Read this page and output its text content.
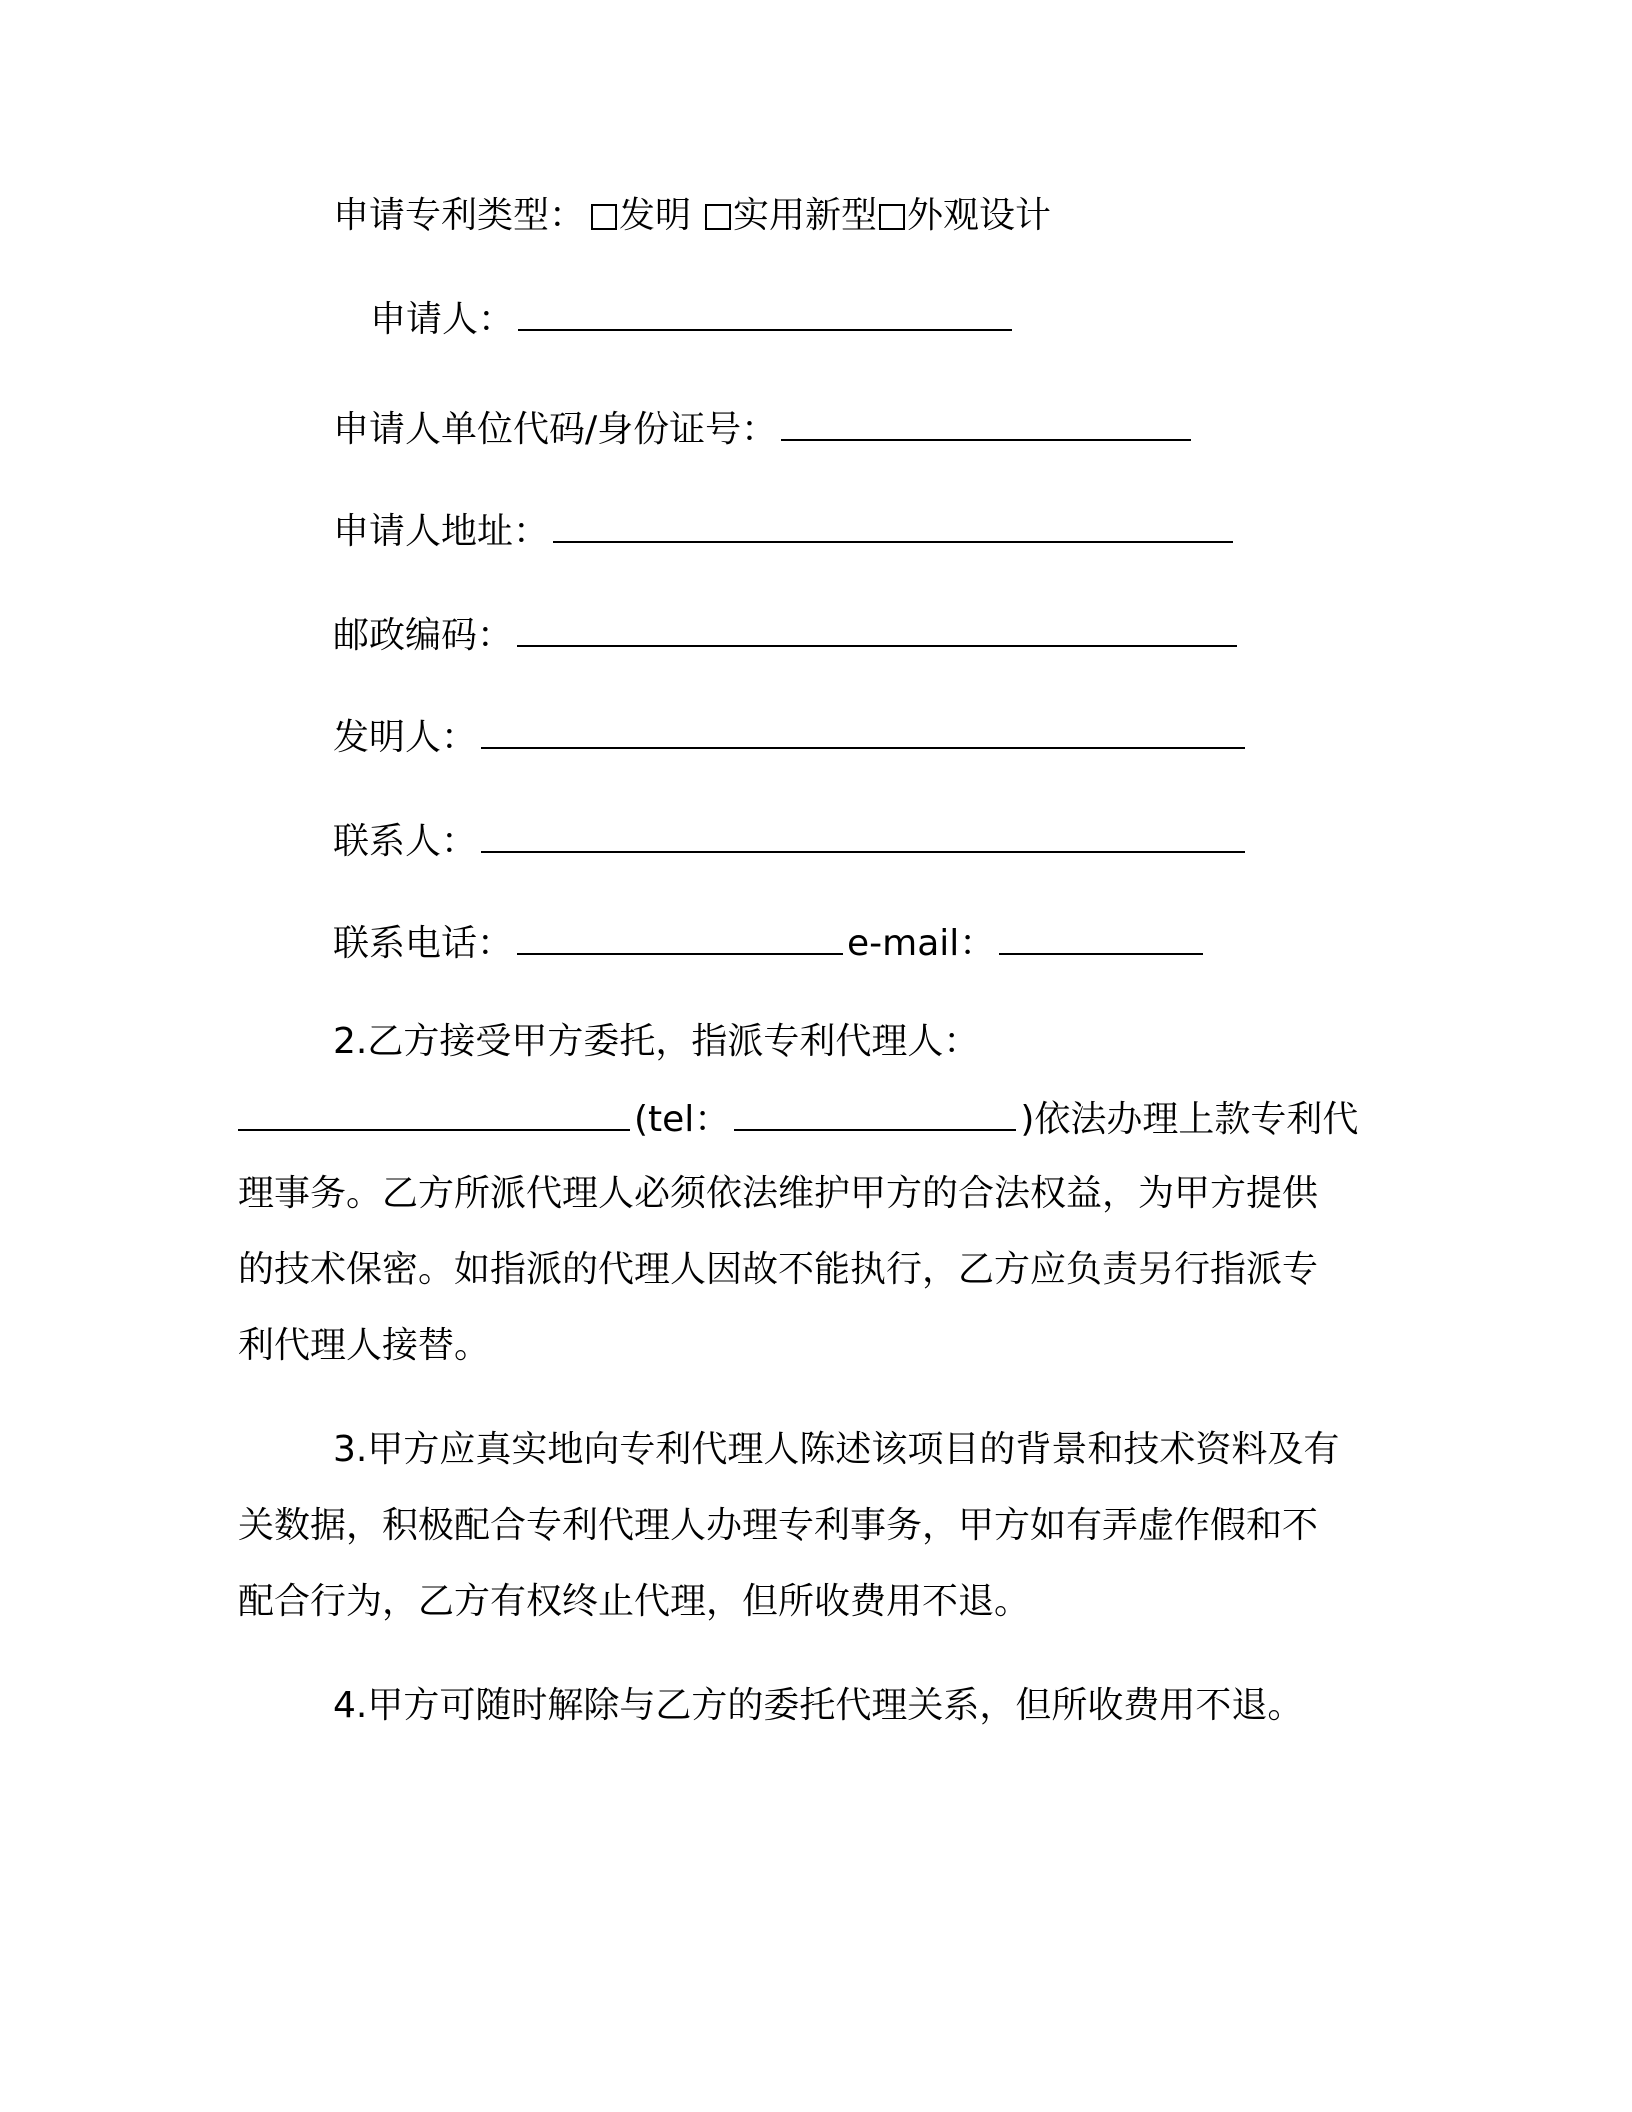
申请专利类型： 发明 实用新型 外观设计
申请人：
申请人单位代码/身份证号：
申请人地址：
邮政编码：
发明人：
联系人：
联系电话：	e-mail：
2.乙方接受甲方委托，指派专利代理人：
(tel：	)依法办理上款专利代
理事务。乙方所派代理人必须依法维护甲方的合法权益，为甲方提供
的技术保密。如指派的代理人因故不能执行，乙方应负责另行指派专
利代理人接替。
3.甲方应真实地向专利代理人陈述该项目的背景和技术资料及有
关数据，积极配合专利代理人办理专利事务，甲方如有弄虚作假和不
配合行为，乙方有权终止代理，但所收费用不退。
4.甲方可随时解除与乙方的委托代理关系，但所收费用不退。
